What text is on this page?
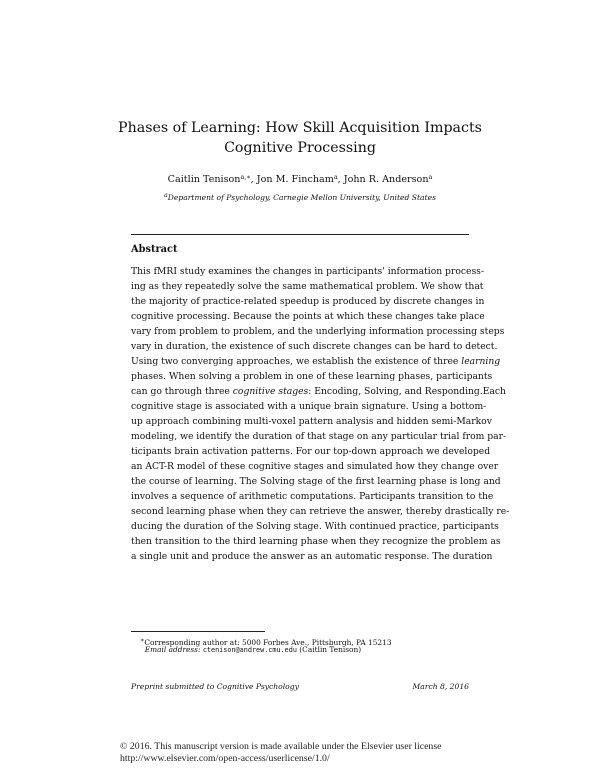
Phases of Learning: How Skill Acquisition Impacts
Cognitive Processing
Caitlin Tenison$^{a,∗}$, Jon M. Fincham$^a$, John R. Anderson$^a$
$^a$Department of Psychology, Carnegie Mellon University, United States
Abstract
This fMRI study examines the changes in participants' information process-
ing as they repeatedly solve the same mathematical problem. We show that
the majority of practice-related speedup is produced by discrete changes in
cognitive processing. Because the points at which these changes take place
vary from problem to problem, and the underlying information processing steps
vary in duration, the existence of such discrete changes can be hard to detect.
Using two converging approaches, we establish the existence of three learning
phases. When solving a problem in one of these learning phases, participants
can go through three cognitive stages: Encoding, Solving, and Responding.Each
cognitive stage is associated with a unique brain signature. Using a bottom-
up approach combining multi-voxel pattern analysis and hidden semi-Markov
modeling, we identify the duration of that stage on any particular trial from par-
ticipants brain activation patterns. For our top-down approach we developed
an ACT-R model of these cognitive stages and simulated how they change over
the course of learning. The Solving stage of the first learning phase is long and
involves a sequence of arithmetic computations. Participants transition to the
second learning phase when they can retrieve the answer, thereby drastically re-
ducing the duration of the Solving stage. With continued practice, participants
then transition to the third learning phase when they recognize the problem as
a single unit and produce the answer as an automatic response. The duration
∗Corresponding author at: 5000 Forbes Ave., Pittsburgh, PA 15213
Email address: ctenison@andrew.cmu.edu (Caitlin Tenison)
Preprint submitted to Cognitive Psychology	March 8, 2016
© 2016. This manuscript version is made available under the Elsevier user license
http://www.elsevier.com/open-access/userlicense/1.0/
